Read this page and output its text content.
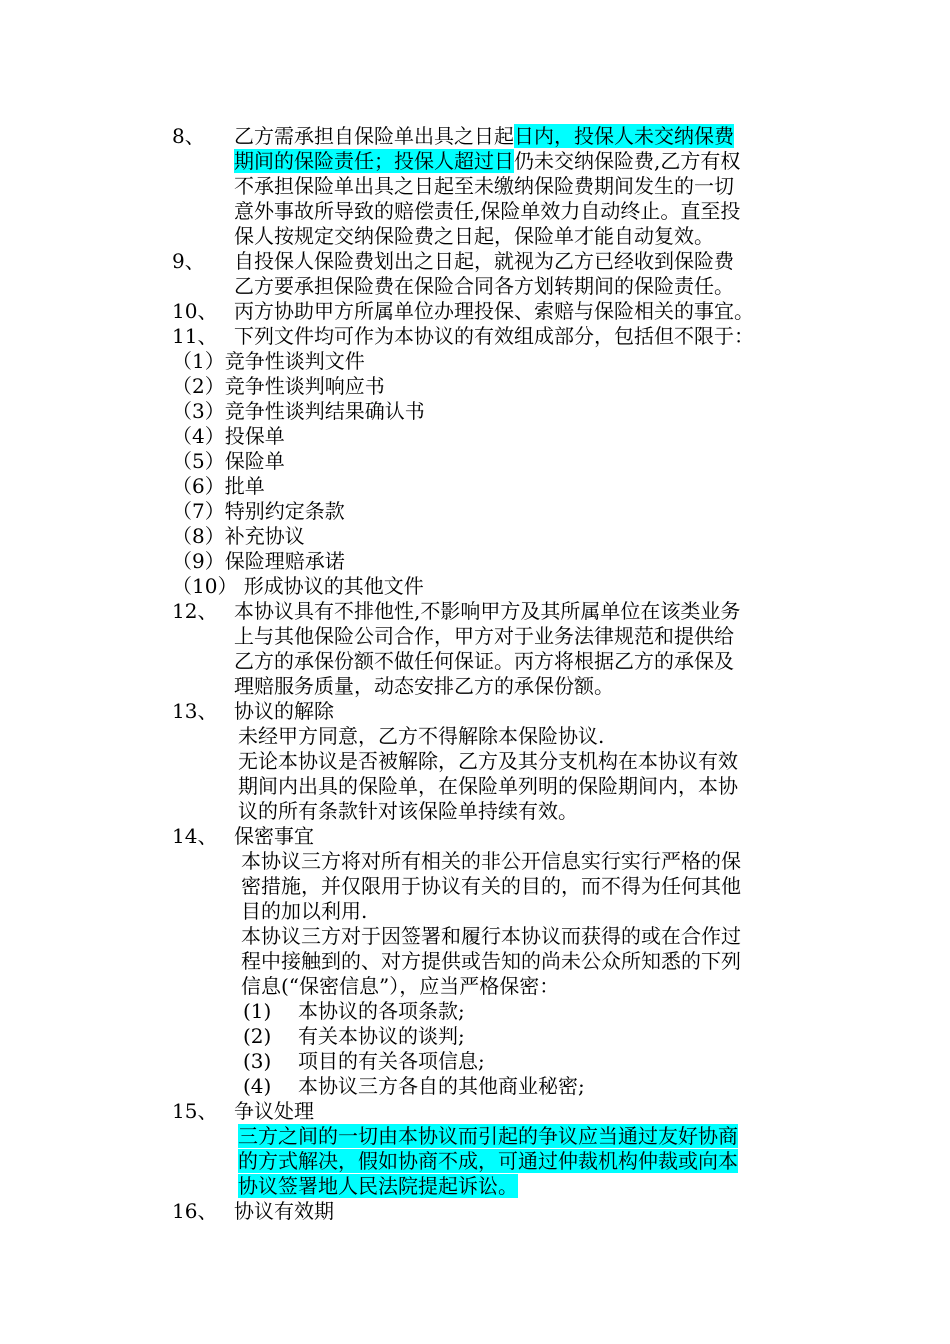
8、 乙方需承担自保险单出具之日起日内，投保人未交纳保费
期间的保险责任；投保人超过日仍未交纳保险费,乙方有权
不承担保险单出具之日起至未缴纳保险费期间发生的一切
意外事故所导致的赔偿责任,保险单效力自动终止。直至投
保人按规定交纳保险费之日起，保险单才能自动复效。
9、 自投保人保险费划出之日起，就视为乙方已经收到保险费
乙方要承担保险费在保险合同各方划转期间的保险责任。
10、 丙方协助甲方所属单位办理投保、索赔与保险相关的事宜。
11、 下列文件均可作为本协议的有效组成部分，包括但不限于：
（1）竞争性谈判文件
（2）竞争性谈判响应书
（3）竞争性谈判结果确认书
（4）投保单
（5）保险单
（6）批单
（7）特别约定条款
（8）补充协议
（9）保险理赔承诺
（10） 形成协议的其他文件
12、 本协议具有不排他性,不影响甲方及其所属单位在该类业务
上与其他保险公司合作，甲方对于业务法律规范和提供给
乙方的承保份额不做任何保证。丙方将根据乙方的承保及
理赔服务质量，动态安排乙方的承保份额。
13、 协议的解除
未经甲方同意，乙方不得解除本保险协议.
无论本协议是否被解除，乙方及其分支机构在本协议有效
期间内出具的保险单，在保险单列明的保险期间内，本协
议的所有条款针对该保险单持续有效。
14、 保密事宜
本协议三方将对所有相关的非公开信息实行实行严格的保
密措施，并仅限用于协议有关的目的，而不得为任何其他
目的加以利用.
本协议三方对于因签署和履行本协议而获得的或在合作过
程中接触到的、对方提供或告知的尚未公众所知悉的下列
信息(“保密信息”），应当严格保密：
(1) 本协议的各项条款;
(2) 有关本协议的谈判;
(3) 项目的有关各项信息;
(4) 本协议三方各自的其他商业秘密;
15、 争议处理
三方之间的一切由本协议而引起的争议应当通过友好协商
的方式解决，假如协商不成，可通过仲裁机构仲裁或向本
协议签署地人民法院提起诉讼。
16、 协议有效期
